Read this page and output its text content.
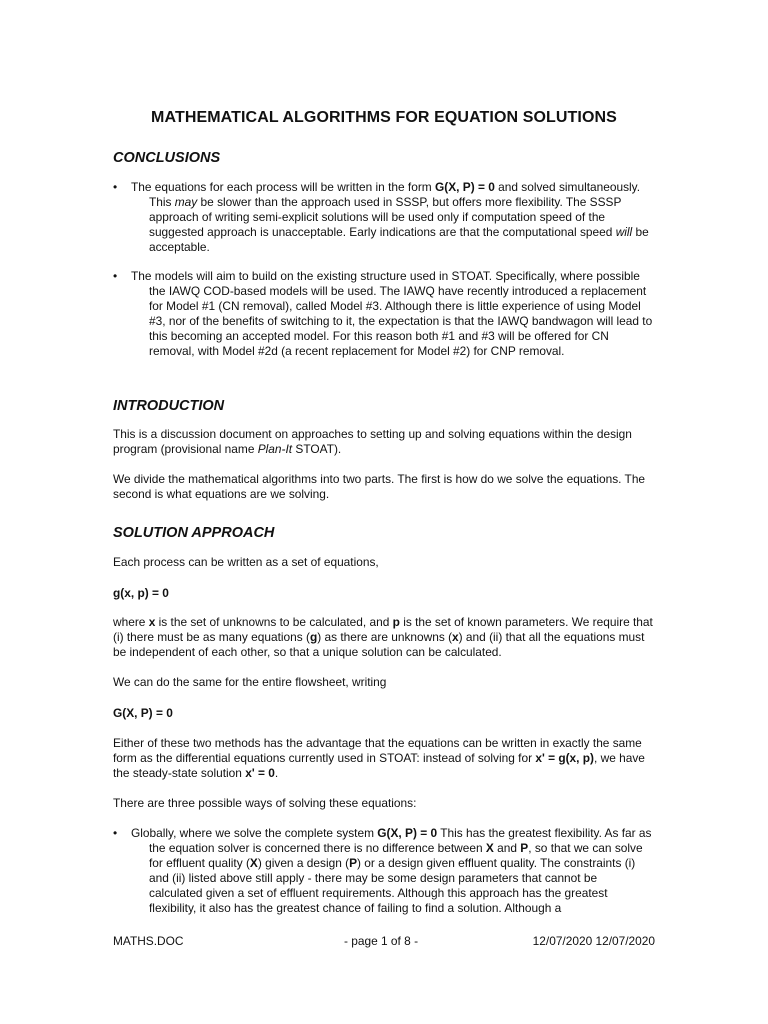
MATHEMATICAL ALGORITHMS FOR EQUATION SOLUTIONS
CONCLUSIONS
• The equations for each process will be written in the form G(X, P) = 0 and solved simultaneously. This may be slower than the approach used in SSSP, but offers more flexibility. The SSSP approach of writing semi-explicit solutions will be used only if computation speed of the suggested approach is unacceptable. Early indications are that the computational speed will be acceptable.
• The models will aim to build on the existing structure used in STOAT. Specifically, where possible the IAWQ COD-based models will be used. The IAWQ have recently introduced a replacement for Model #1 (CN removal), called Model #3. Although there is little experience of using Model #3, nor of the benefits of switching to it, the expectation is that the IAWQ bandwagon will lead to this becoming an accepted model. For this reason both #1 and #3 will be offered for CN removal, with Model #2d (a recent replacement for Model #2) for CNP removal.
INTRODUCTION
This is a discussion document on approaches to setting up and solving equations within the design program (provisional name Plan-It STOAT).
We divide the mathematical algorithms into two parts. The first is how do we solve the equations. The second is what equations are we solving.
SOLUTION APPROACH
Each process can be written as a set of equations,
g(x, p) = 0
where x is the set of unknowns to be calculated, and p is the set of known parameters. We require that (i) there must be as many equations (g) as there are unknowns (x) and (ii) that all the equations must be independent of each other, so that a unique solution can be calculated.
We can do the same for the entire flowsheet, writing
G(X, P) = 0
Either of these two methods has the advantage that the equations can be written in exactly the same form as the differential equations currently used in STOAT: instead of solving for x' = g(x, p), we have the steady-state solution x' = 0.
There are three possible ways of solving these equations:
• Globally, where we solve the complete system G(X, P) = 0 This has the greatest flexibility. As far as the equation solver is concerned there is no difference between X and P, so that we can solve for effluent quality (X) given a design (P) or a design given effluent quality. The constraints (i) and (ii) listed above still apply - there may be some design parameters that cannot be calculated given a set of effluent requirements. Although this approach has the greatest flexibility, it also has the greatest chance of failing to find a solution. Although a
MATHS.DOC	- page 1 of 8 -	12/07/2020 12/07/2020
